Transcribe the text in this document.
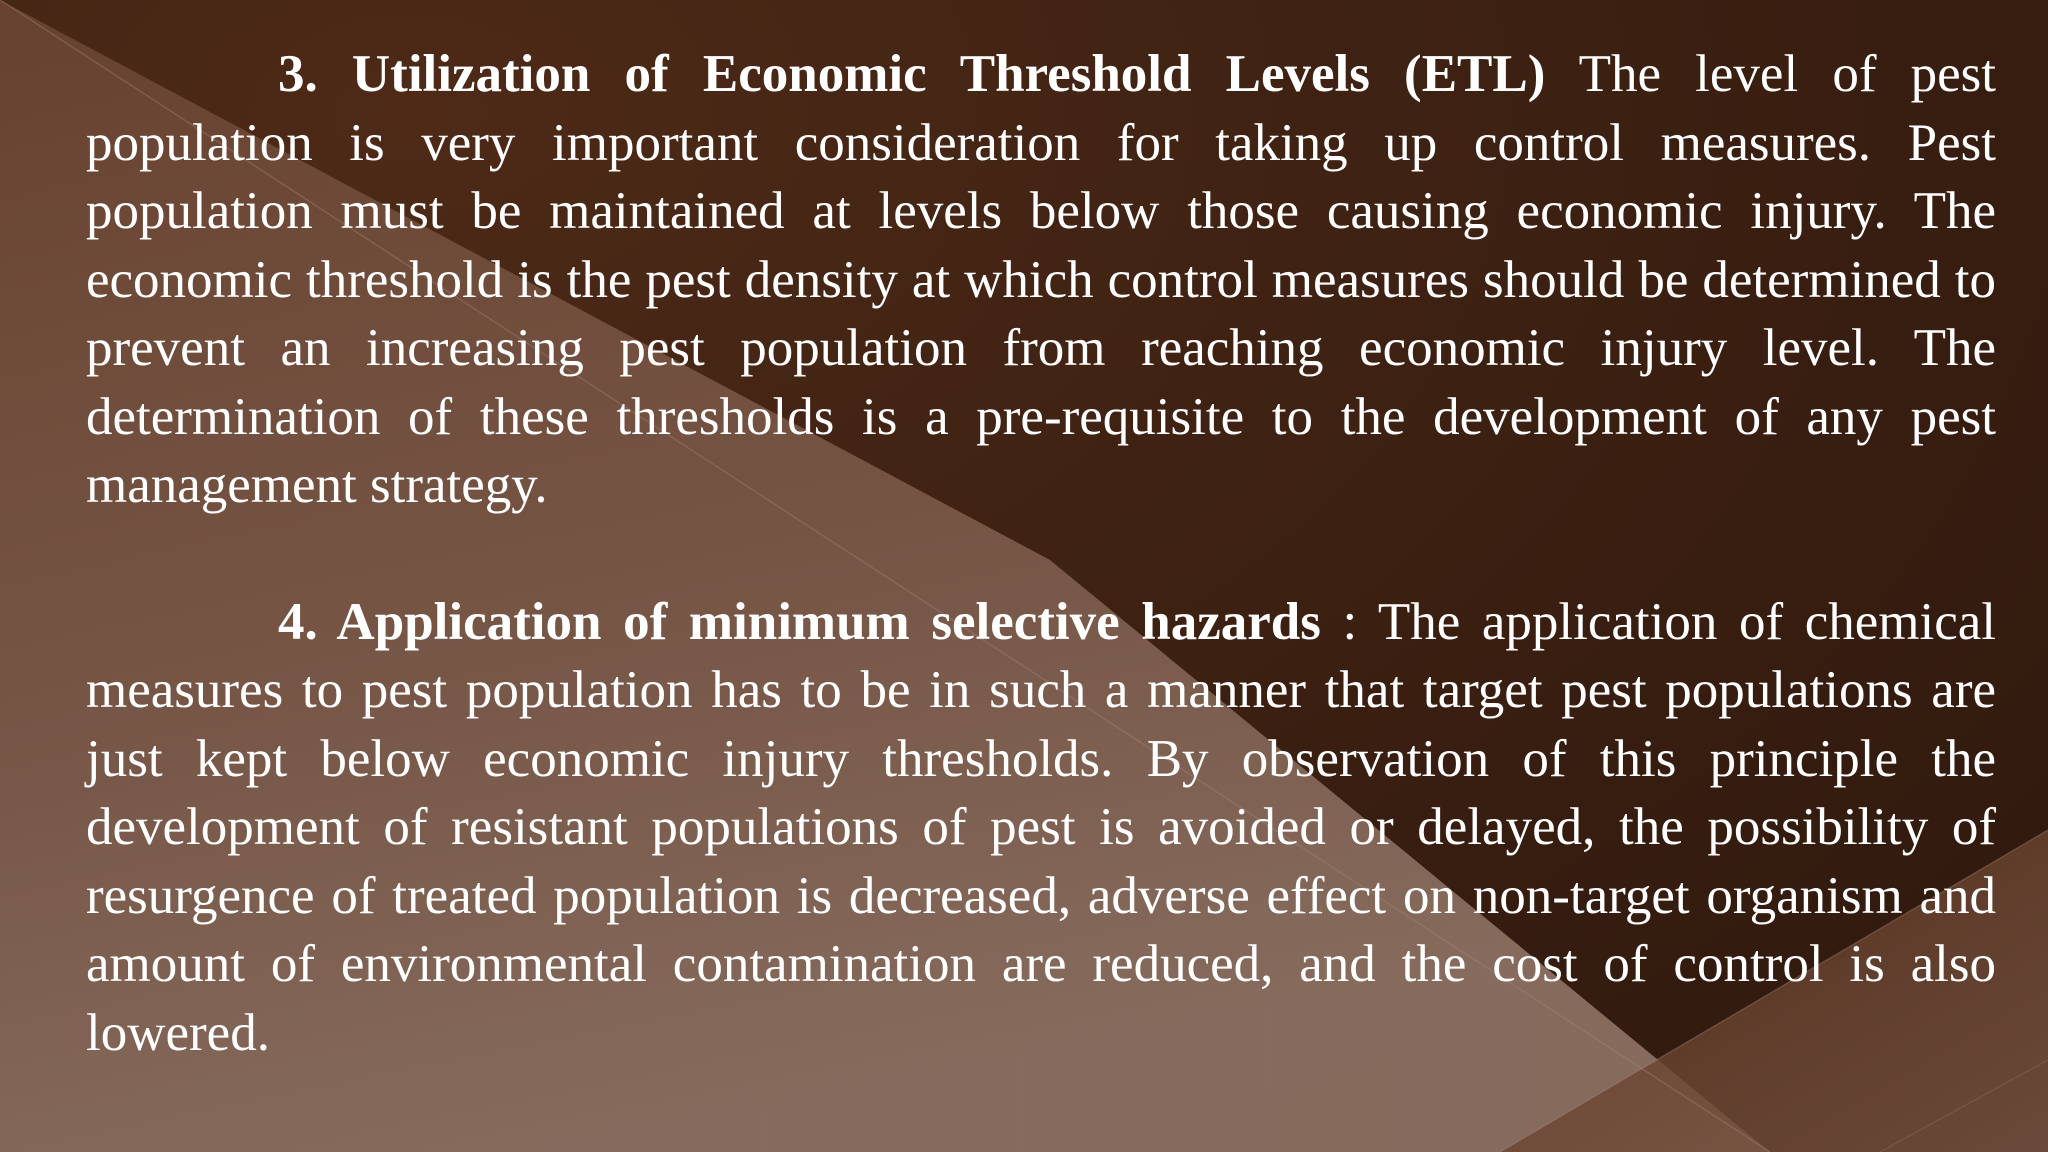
3. Utilization of Economic Threshold Levels (ETL) The level of pest population is very important consideration for taking up control measures. Pest population must be maintained at levels below those causing economic injury. The economic threshold is the pest density at which control measures should be determined to prevent an increasing pest population from reaching economic injury level. The determination of these thresholds is a pre-requisite to the development of any pest management strategy.

4. Application of minimum selective hazards : The application of chemical measures to pest population has to be in such a manner that target pest populations are just kept below economic injury thresholds. By observation of this principle the development of resistant populations of pest is avoided or delayed, the possibility of resurgence of treated population is decreased, adverse effect on non-target organism and amount of environmental contamination are reduced, and the cost of control is also lowered.
